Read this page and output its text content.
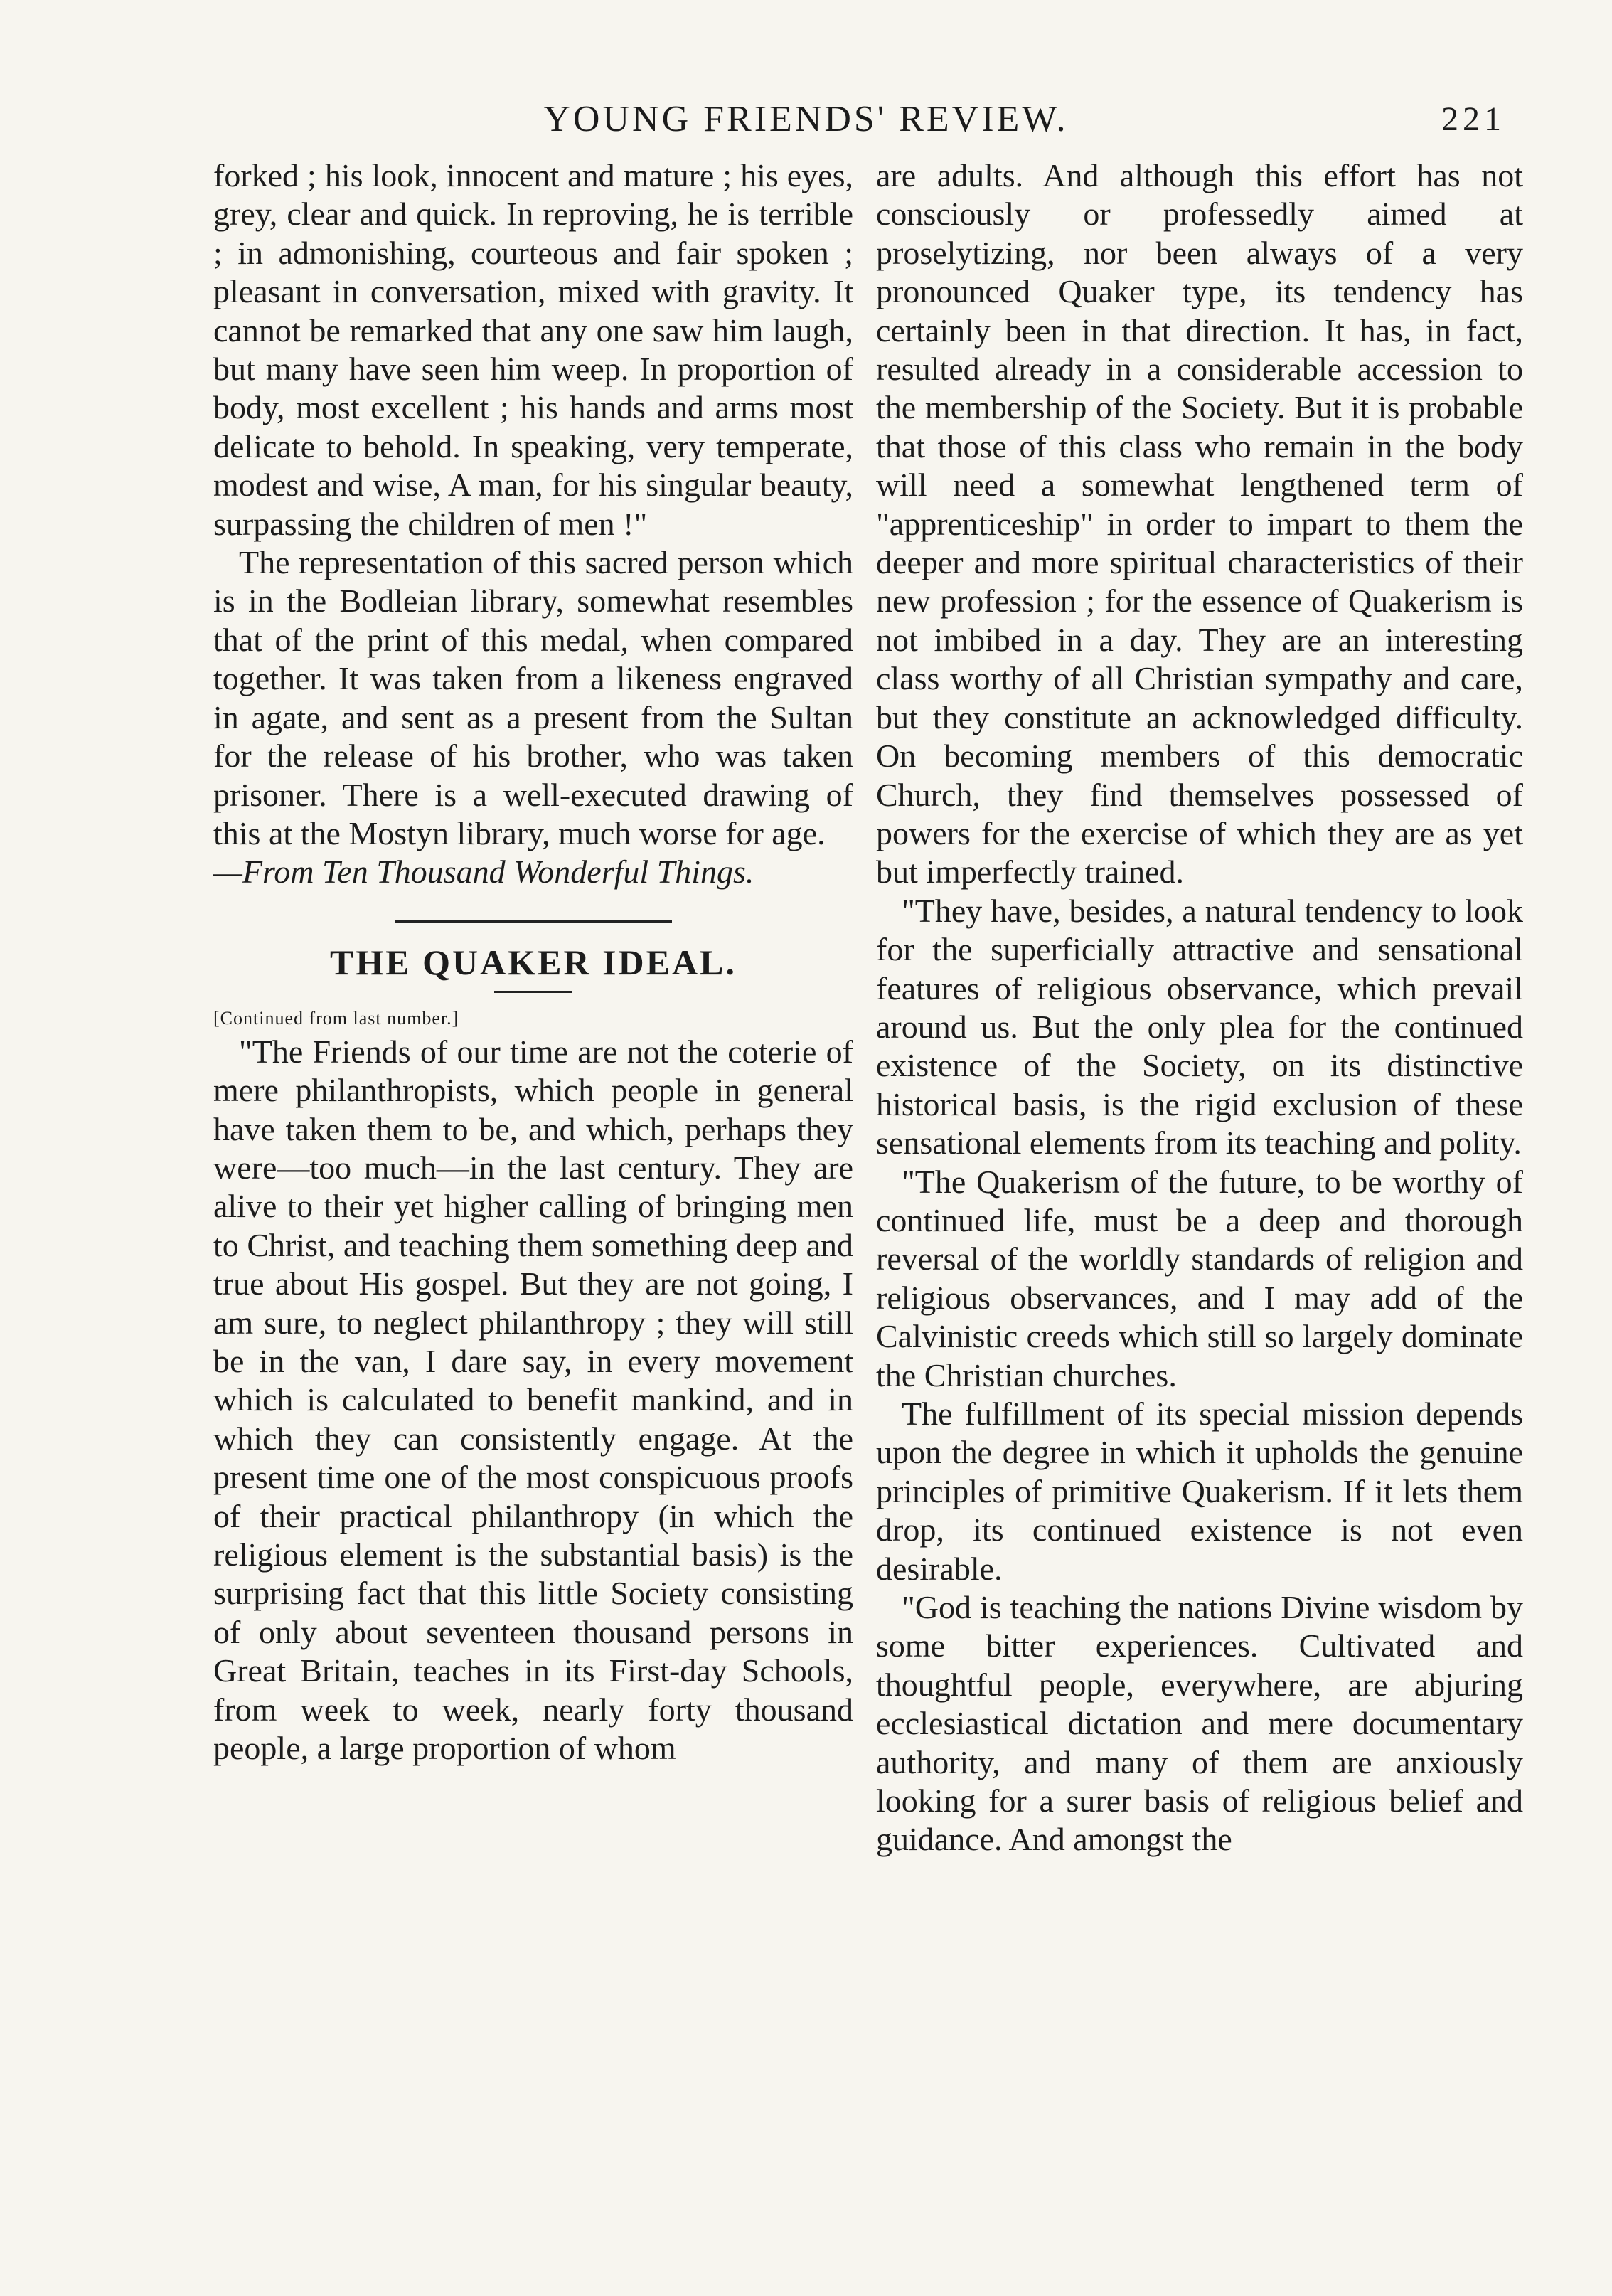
YOUNG FRIENDS' REVIEW.	221

forked ; his look, innocent and mature ; his eyes, grey, clear and quick. In reproving, he is terrible ; in admonishing, courteous and fair spoken ; pleasant in conversation, mixed with gravity. It cannot be remarked that any one saw him laugh, but many have seen him weep. In proportion of body, most excellent ; his hands and arms most delicate to behold. In speaking, very temperate, modest and wise, A man, for his singular beauty, surpassing the children of men !"

The representation of this sacred person which is in the Bodleian library, somewhat resembles that of the print of this medal, when compared together. It was taken from a likeness engraved in agate, and sent as a present from the Sultan for the release of his brother, who was taken prisoner. There is a well-executed drawing of this at the Mostyn library, much worse for age.

—From Ten Thousand Wonderful Things.

THE QUAKER IDEAL.

[Continued from last number.]

"The Friends of our time are not the coterie of mere philanthropists, which people in general have taken them to be, and which, perhaps they were—too much—in the last century. They are alive to their yet higher calling of bringing men to Christ, and teaching them something deep and true about His gospel. But they are not going, I am sure, to neglect philanthropy ; they will still be in the van, I dare say, in every movement which is calculated to benefit mankind, and in which they can consistently engage. At the present time one of the most conspicuous proofs of their practical philanthropy (in which the religious element is the substantial basis) is the surprising fact that this little Society consisting of only about seventeen thousand persons in Great Britain, teaches in its First-day Schools, from week to week, nearly forty thousand people, a large proportion of whom

are adults. And although this effort has not consciously or professedly aimed at proselytizing, nor been always of a very pronounced Quaker type, its tendency has certainly been in that direction. It has, in fact, resulted already in a considerable accession to the membership of the Society. But it is probable that those of this class who remain in the body will need a somewhat lengthened term of "apprenticeship" in order to impart to them the deeper and more spiritual characteristics of their new profession ; for the essence of Quakerism is not imbibed in a day. They are an interesting class worthy of all Christian sympathy and care, but they constitute an acknowledged difficulty. On becoming members of this democratic Church, they find themselves possessed of powers for the exercise of which they are as yet but imperfectly trained.

"They have, besides, a natural tendency to look for the superficially attractive and sensational features of religious observance, which prevail around us. But the only plea for the continued existence of the Society, on its distinctive historical basis, is the rigid exclusion of these sensational elements from its teaching and polity.

"The Quakerism of the future, to be worthy of continued life, must be a deep and thorough reversal of the worldly standards of religion and religious observances, and I may add of the Calvinistic creeds which still so largely dominate the Christian churches.

The fulfillment of its special mission depends upon the degree in which it upholds the genuine principles of primitive Quakerism. If it lets them drop, its continued existence is not even desirable.

"God is teaching the nations Divine wisdom by some bitter experiences. Cultivated and thoughtful people, everywhere, are abjuring ecclesiastical dictation and mere documentary authority, and many of them are anxiously looking for a surer basis of religious belief and guidance. And amongst the
